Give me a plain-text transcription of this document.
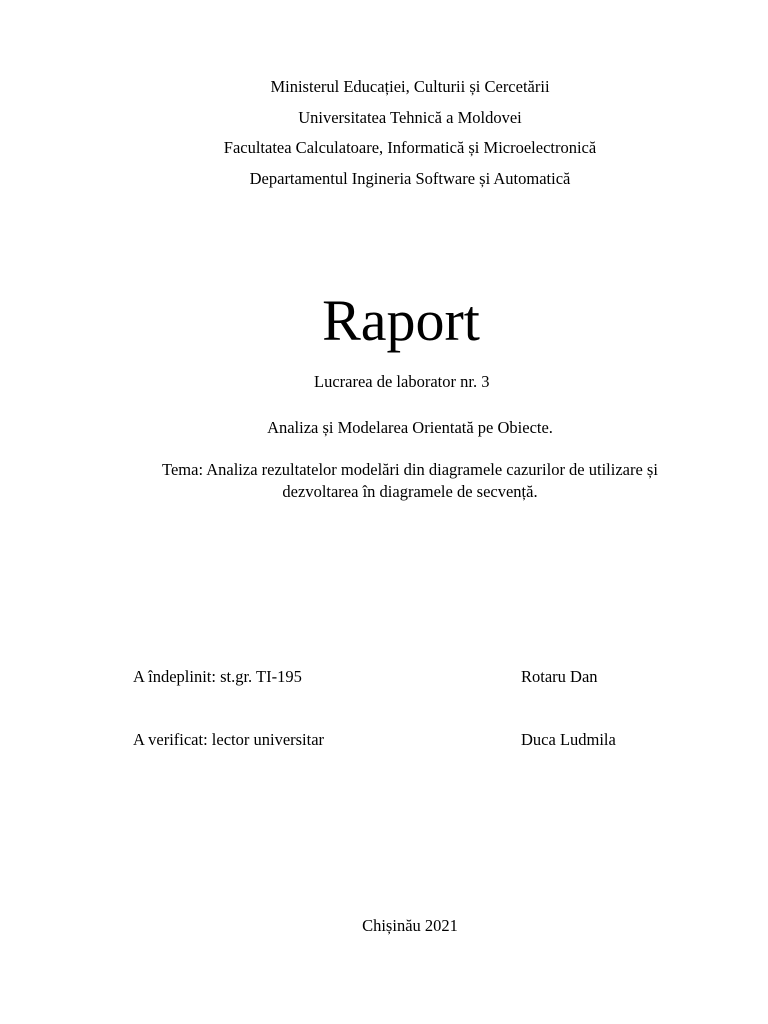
Ministerul Educației, Culturii și Cercetării
Universitatea Tehnică a Moldovei
Facultatea Calculatoare, Informatică și Microelectronică
Departamentul Ingineria Software și Automatică
Raport
Lucrarea de laborator nr. 3
Analiza și Modelarea Orientată pe Obiecte.
Tema: Analiza rezultatelor modelări din diagramele cazurilor de utilizare și dezvoltarea în diagramele de secvență.
A îndeplinit: st.gr. TI-195	Rotaru Dan
A verificat: lector universitar	Duca Ludmila
Chișinău 2021
